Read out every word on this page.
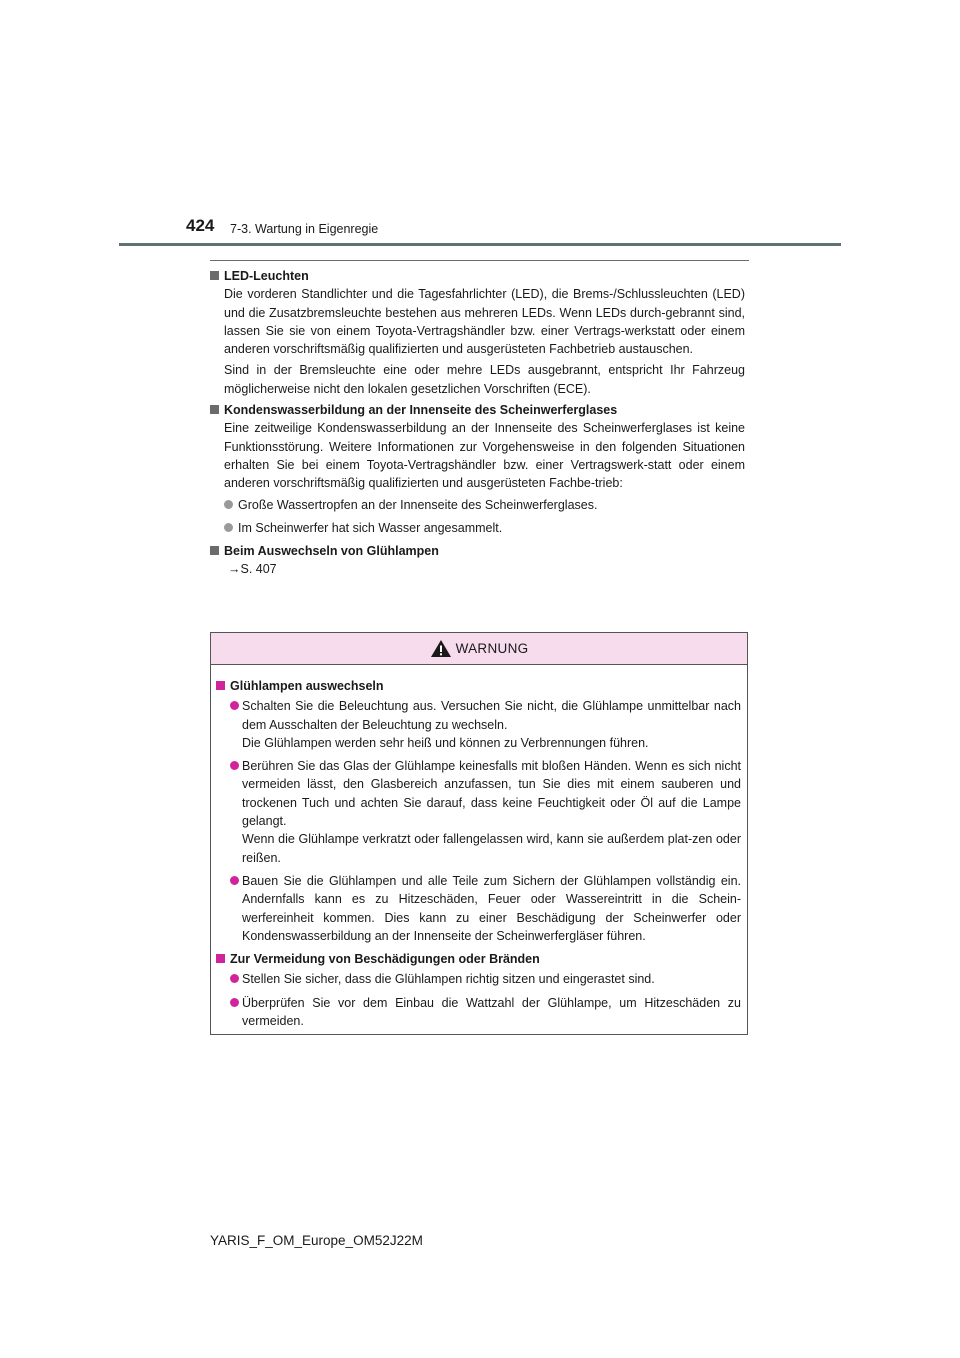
424 7-3. Wartung in Eigenregie

LED-Leuchten

Die vorderen Standlichter und die Tagesfahrlichter (LED), die Brems-/Schlussleuchten (LED) und die Zusatzbremsleuchte bestehen aus mehreren LEDs. Wenn LEDs durch-gebrannt sind, lassen Sie sie von einem Toyota-Vertragshändler bzw. einer Vertrags-werkstatt oder einem anderen vorschriftsmäßig qualifizierten und ausgerüsteten Fachbetrieb austauschen.

Sind in der Bremsleuchte eine oder mehre LEDs ausgebrannt, entspricht Ihr Fahrzeug möglicherweise nicht den lokalen gesetzlichen Vorschriften (ECE).

Kondenswasserbildung an der Innenseite des Scheinwerferglases

Eine zeitweilige Kondenswasserbildung an der Innenseite des Scheinwerferglases ist keine Funktionsstörung. Weitere Informationen zur Vorgehensweise in den folgenden Situationen erhalten Sie bei einem Toyota-Vertragshändler bzw. einer Vertragswerk-statt oder einem anderen vorschriftsmäßig qualifizierten und ausgerüsteten Fachbe-trieb:

Große Wassertropfen an der Innenseite des Scheinwerferglases.

Im Scheinwerfer hat sich Wasser angesammelt.

Beim Auswechseln von Glühlampen

→S. 407

WARNUNG

Glühlampen auswechseln

Schalten Sie die Beleuchtung aus. Versuchen Sie nicht, die Glühlampe unmittelbar nach dem Ausschalten der Beleuchtung zu wechseln.
Die Glühlampen werden sehr heiß und können zu Verbrennungen führen.

Berühren Sie das Glas der Glühlampe keinesfalls mit bloßen Händen. Wenn es sich nicht vermeiden lässt, den Glasbereich anzufassen, tun Sie dies mit einem sauberen und trockenen Tuch und achten Sie darauf, dass keine Feuchtigkeit oder Öl auf die Lampe gelangt.
Wenn die Glühlampe verkratzt oder fallengelassen wird, kann sie außerdem plat-zen oder reißen.

Bauen Sie die Glühlampen und alle Teile zum Sichern der Glühlampen vollständig ein. Andernfalls kann es zu Hitzeschäden, Feuer oder Wassereintritt in die Schein-werfereinheit kommen. Dies kann zu einer Beschädigung der Scheinwerfer oder Kondenswasserbildung an der Innenseite der Scheinwerfergläser führen.

Zur Vermeidung von Beschädigungen oder Bränden

Stellen Sie sicher, dass die Glühlampen richtig sitzen und eingerastet sind.

Überprüfen Sie vor dem Einbau die Wattzahl der Glühlampe, um Hitzeschäden zu vermeiden.

YARIS_F_OM_Europe_OM52J22M
